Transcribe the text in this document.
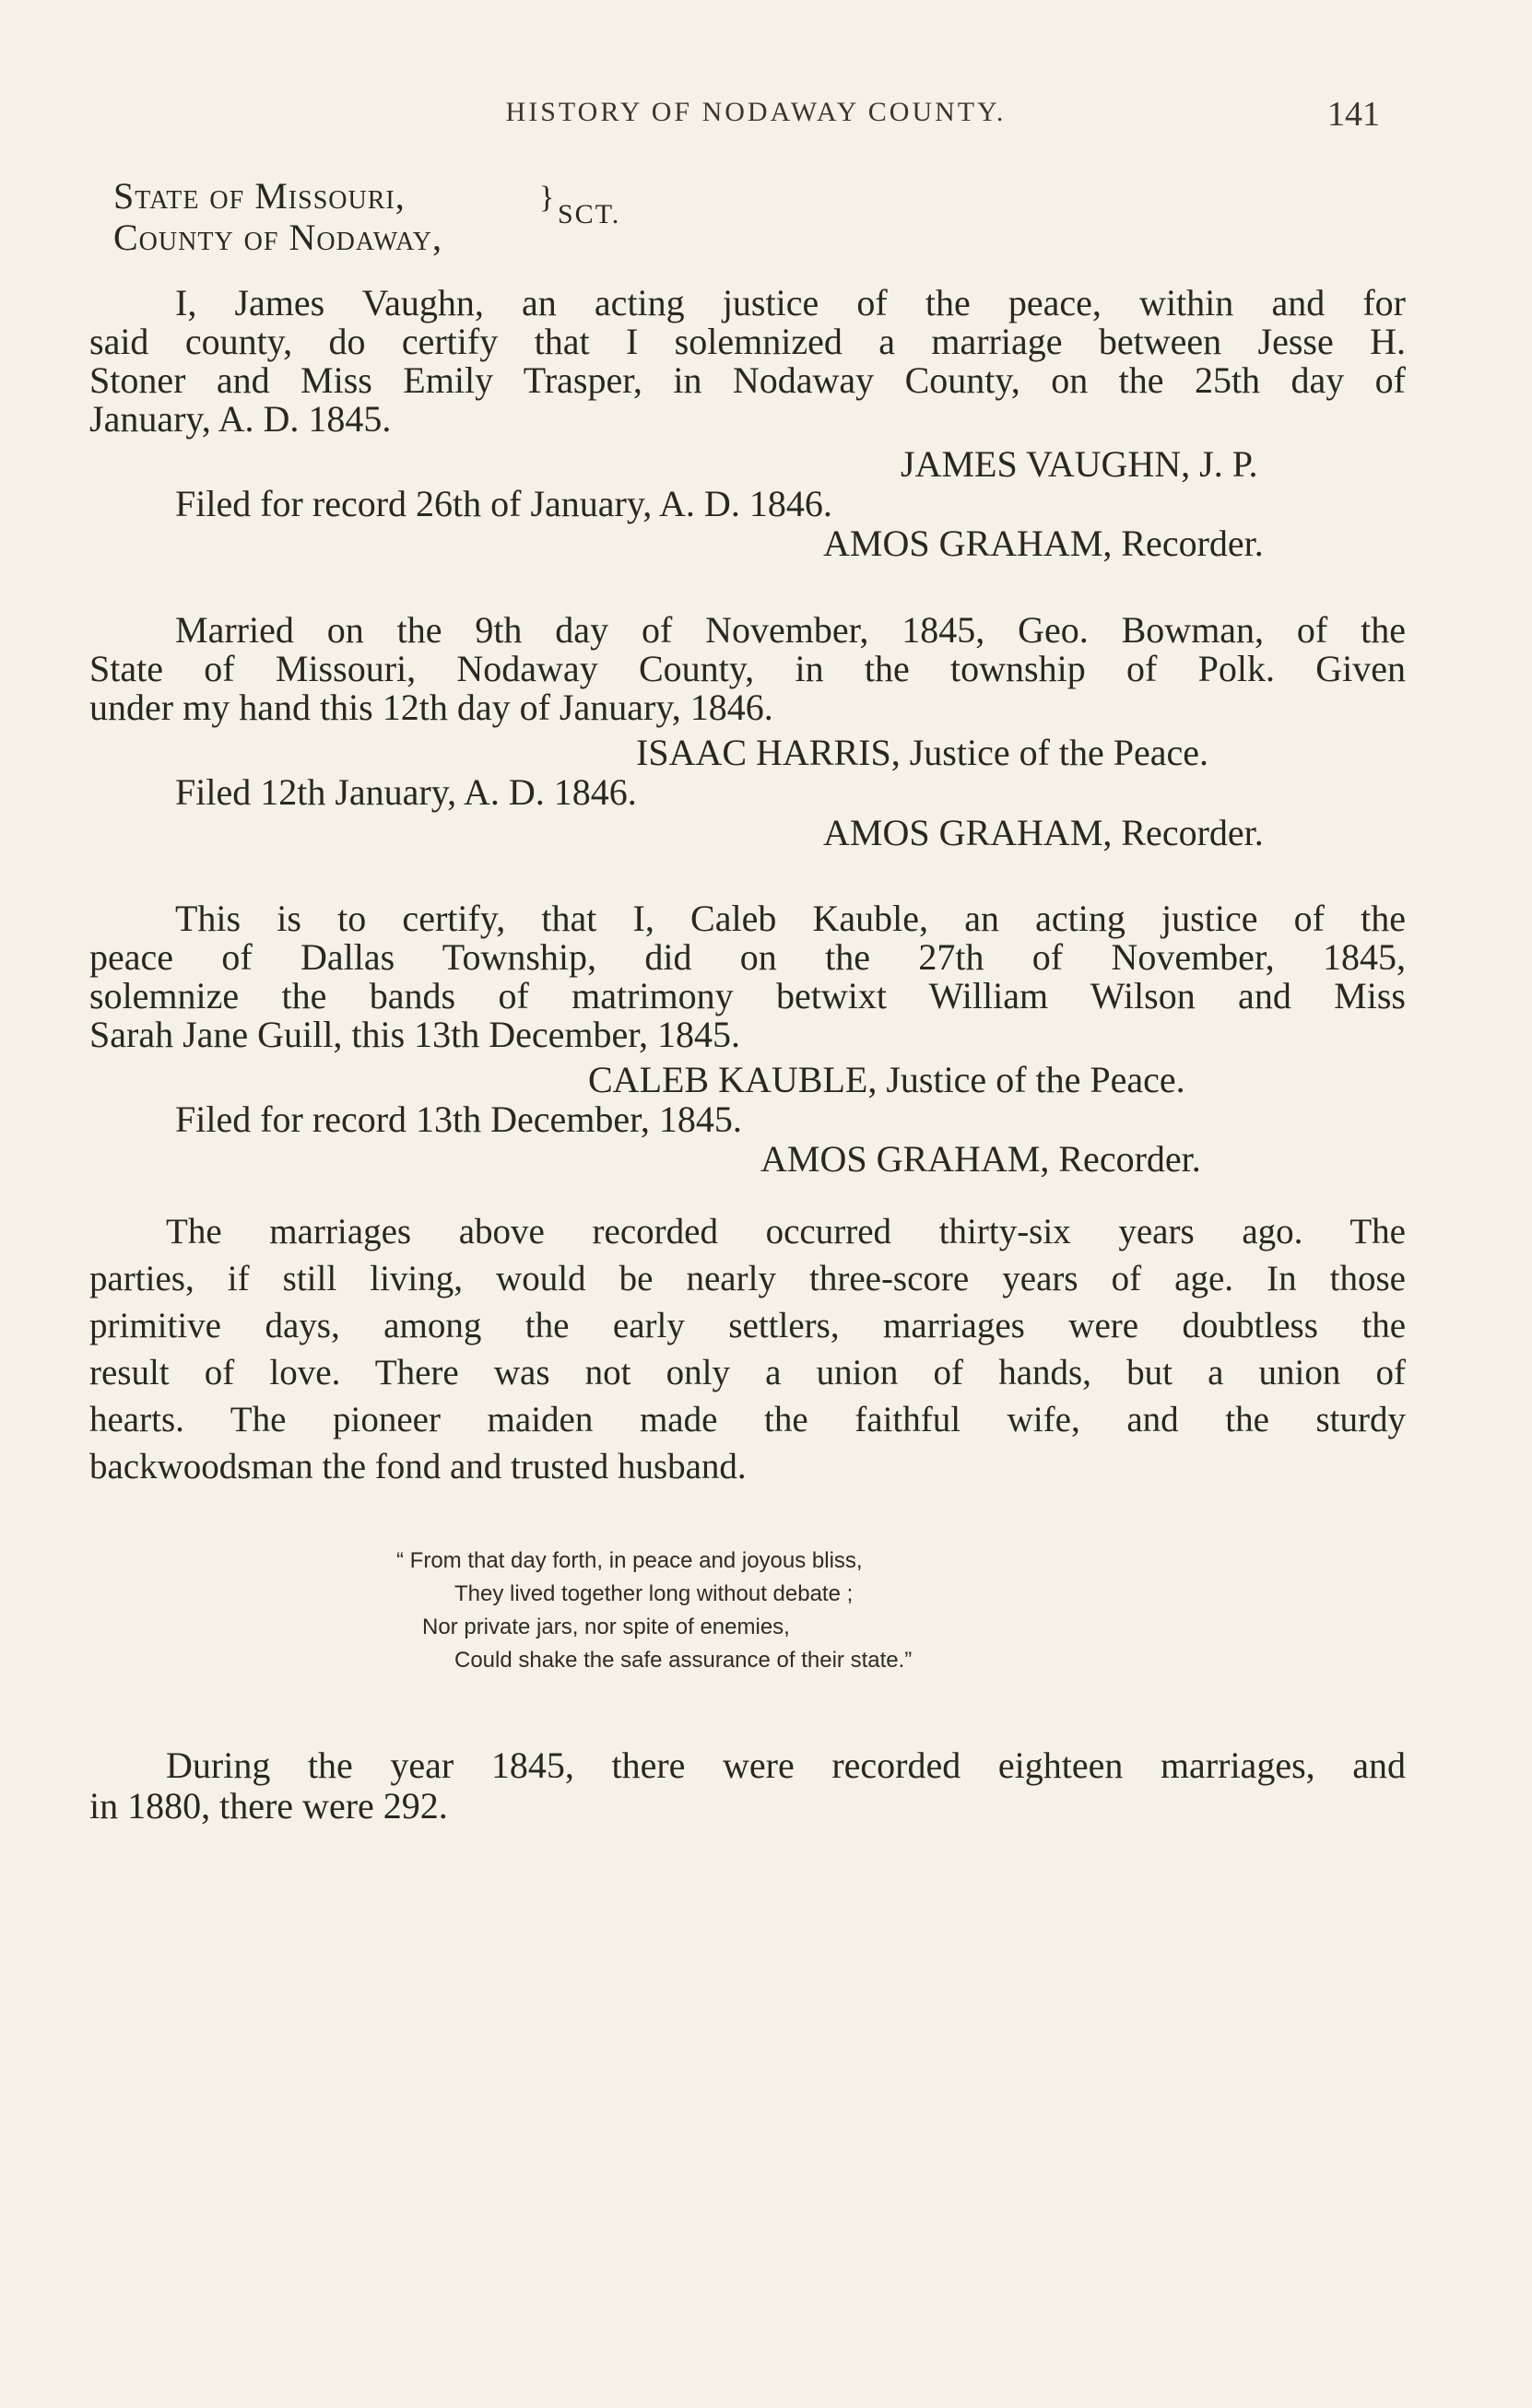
HISTORY OF NODAWAY COUNTY.	141
State of Missouri,
County of Nodaway,
} SCT.
I, James Vaughn, an acting justice of the peace, within and for
said county, do certify that I solemnized a marriage between Jesse H.
Stoner and Miss Emily Trasper, in Nodaway County, on the 25th day of
January, A. D. 1845.
JAMES VAUGHN, J. P.
Filed for record 26th of January, A. D. 1846.
AMOS GRAHAM, Recorder.
Married on the 9th day of November, 1845, Geo. Bowman, of the
State of Missouri, Nodaway County, in the township of Polk. Given
under my hand this 12th day of January, 1846.
ISAAC HARRIS, Justice of the Peace.
Filed 12th January, A. D. 1846.
AMOS GRAHAM, Recorder.
This is to certify, that I, Caleb Kauble, an acting justice of the
peace of Dallas Township, did on the 27th of November, 1845,
solemnize the bands of matrimony betwixt William Wilson and Miss
Sarah Jane Guill, this 13th December, 1845.
CALEB KAUBLE, Justice of the Peace.
Filed for record 13th December, 1845.
AMOS GRAHAM, Recorder.
The marriages above recorded occurred thirty-six years ago. The
parties, if still living, would be nearly three-score years of age. In those
primitive days, among the early settlers, marriages were doubtless the
result of love. There was not only a union of hands, but a union of
hearts. The pioneer maiden made the faithful wife, and the sturdy
backwoodsman the fond and trusted husband.
“ From that day forth, in peace and joyous bliss,
They lived together long without debate ;
Nor private jars, nor spite of enemies,
Could shake the safe assurance of their state.”
During the year 1845, there were recorded eighteen marriages, and
in 1880, there were 292.
